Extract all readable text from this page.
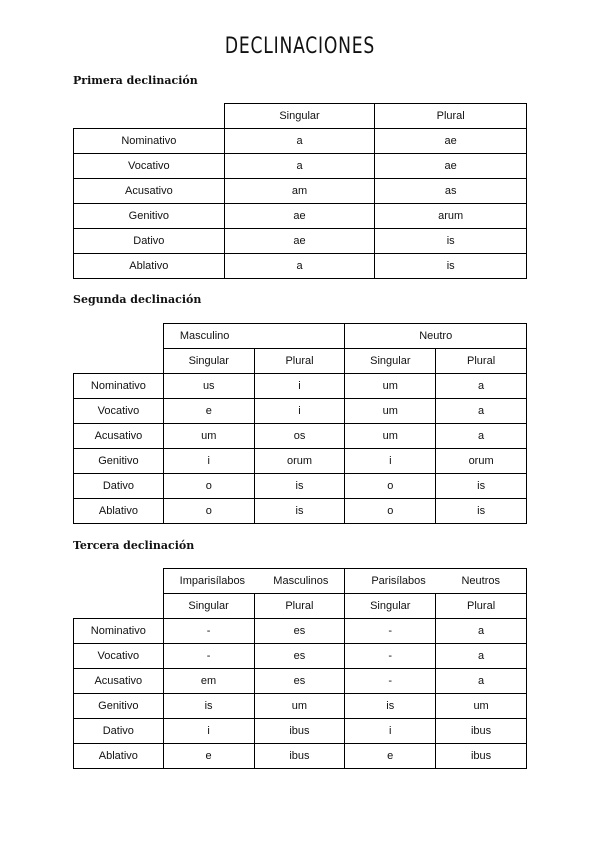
DECLINACIONES
Primera declinación
	Singular	Plural
Nominativo	a	ae
Vocativo	a	ae
Acusativo	am	as
Genitivo	ae	arum
Dativo	ae	is
Ablativo	a	is
Segunda declinación
	Masculino		Neutro	
	Singular	Plural	Singular	Plural
Nominativo	us	i	um	a
Vocativo	e	i	um	a
Acusativo	um	os	um	a
Genitivo	i	orum	i	orum
Dativo	o	is	o	is
Ablativo	o	is	o	is
Tercera declinación

	Imparisílabos Masculinos		Parisílabos Neutros	

	Singular	Plural	Singular	Plural
Nominativo	-	es	-	a
Vocativo	-	es	-	a
Acusativo	em	es	-	a
Genitivo	is	um	is	um
Dativo	i	ibus	i	ibus
Ablativo	e	ibus	e	ibus
